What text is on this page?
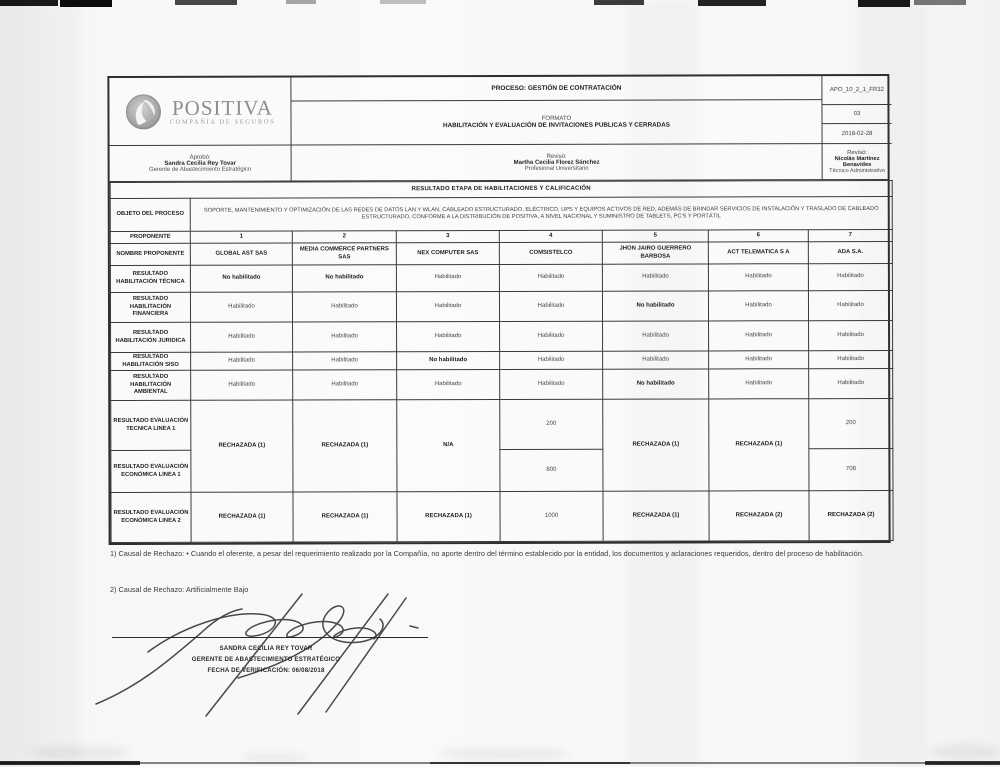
POSITIVA
COMPAÑÍA DE SEGUROS
Aprobó:
Sandra Cecilia Rey Tovar
Gerente de Abastecimiento Estratégico
PROCESO: GESTIÓN DE CONTRATACIÓN
FORMATO
HABILITACIÓN Y EVALUACIÓN DE INVITACIONES PUBLICAS Y CERRADAS
Revisó:
Martha Cecilia Florez Sánchez
Profesional Universitario
APO_10_2_1_FR32
03
2018-02-28
Revisó:
Nicolás Martínez Benavides
Técnico Administrativo
RESULTADO ETAPA DE HABILITACIONES Y CALIFICACIÓN							
OBJETO DEL PROCESO	SOPORTE, MANTENIMIENTO Y OPTIMIZACIÓN DE LAS REDES DE DATOS LAN Y WLAN, CABLEADO ESTRUCTURADO, ELÉCTRICO, UPS Y EQUIPOS ACTIVOS DE RED, ADEMÁS DE BRINDAR SERVICIOS DE INSTALACIÓN Y TRASLADO DE CABLEADO ESTRUCTURADO, CONFORME A LA DISTRIBUCIÓN DE POSITIVA, A NIVEL NACIONAL Y SUMINISTRO DE TABLETS, PC'S Y PORTÁTIL						
PROPONENTE	1	2	3	4	5	6	7
NOMBRE PROPONENTE	GLOBAL AST SAS	MEDIA COMMERCE PARTNERS SAS	NEX COMPUTER SAS	COMSISTELCO	JHON JAIRO GUERRERO BARBOSA	ACT TELEMATICA S A	ADA S.A.
RESULTADO HABILITACIÓN TÉCNICA	No habilitado	No habilitado	Habilitado	Habilitado	Habilitado	Habilitado	Habilitado
RESULTADO HABILITACIÓN FINANCIERA	Habilitado	Habilitado	Habilitado	Habilitado	No habilitado	Habilitado	Habilitado
RESULTADO HABILITACIÓN JURIDICA	Habilitado	Habilitado	Habilitado	Habilitado	Habilitado	Habilitado	Habilitado
RESULTADO HABILITACIÓN SISO	Habilitado	Habilitado	No habilitado	Habilitado	Habilitado	Habilitado	Habilitado
RESULTADO HABILITACIÓN AMBIENTAL	Habilitado	Habilitado	Habilitado	Habilitado	No habilitado	Habilitado	Habilitado
RESULTADO EVALUACIÓN TECNICA LINEA 1	RECHAZADA (1)	RECHAZADA (1)	N/A	200	RECHAZADA (1)	RECHAZADA (1)	200
RESULTADO EVALUACIÓN ECONÓMICA LINEA 1				800			708
RESULTADO EVALUACIÓN ECONÓMICA LINEA 2	RECHAZADA (1)	RECHAZADA (1)	RECHAZADA (1)	1000	RECHAZADA (1)	RECHAZADA (2)	RECHAZADA (2)
1) Causal de Rechazo: • Cuando el oferente, a pesar del requerimiento realizado por la Compañía, no aporte dentro del término establecido por la entidad, los documentos y aclaraciones requeridos, dentro del proceso de habilitación.
2) Causal de Rechazo: Artificialmente Bajo
SANDRA CECILIA REY TOVAR
GERENTE DE ABASTECIMIENTO ESTRATÉGICO
FECHA DE VERIFICACIÓN: 06/08/2018
